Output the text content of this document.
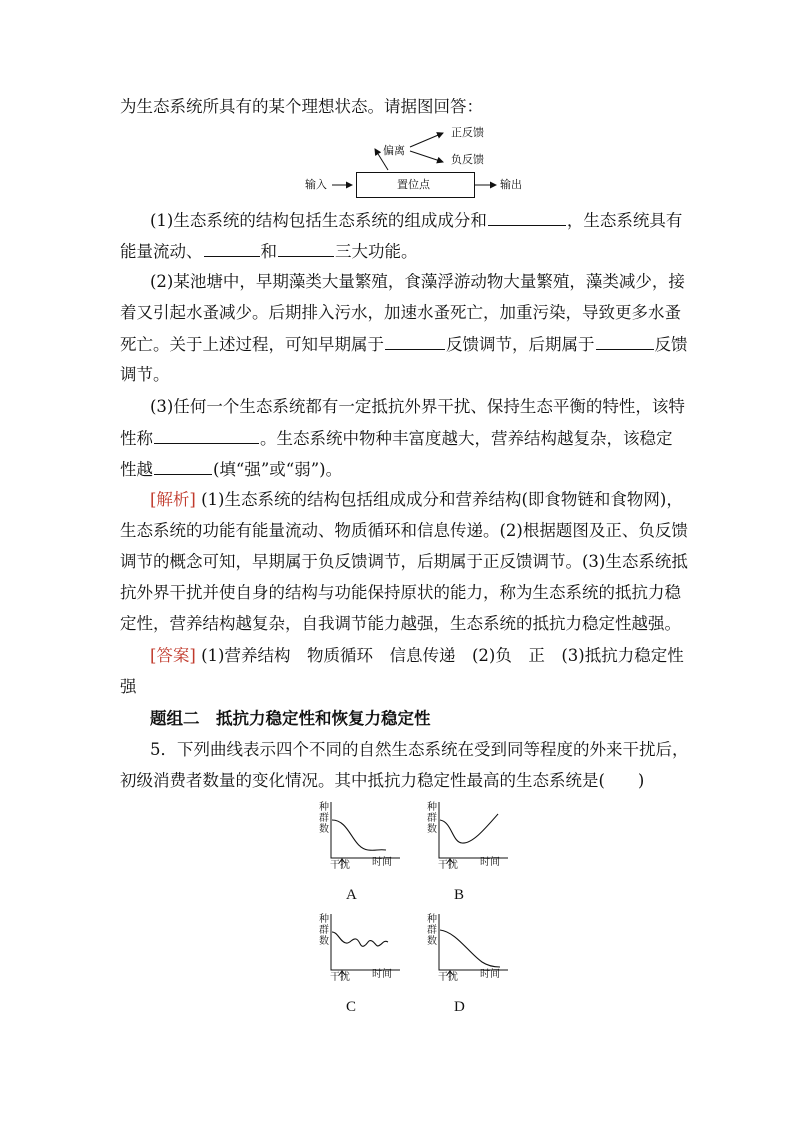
为生态系统所具有的某个理想状态。请据图回答：
置位点
输入	输出
偏离
正反馈
负反馈
(1)生态系统的结构包括生态系统的组成成分和	，生态系统具有
能量流动、	和	三大功能。
(2)某池塘中，早期藻类大量繁殖，食藻浮游动物大量繁殖，藻类减少，接
着又引起水蚤减少。后期排入污水，加速水蚤死亡，加重污染，导致更多水蚤
死亡。关于上述过程，可知早期属于	反馈调节，后期属于	反馈
调节。
(3)任何一个生态系统都有一定抵抗外界干扰、保持生态平衡的特性，该特
性称	。生态系统中物种丰富度越大，营养结构越复杂，该稳定
性越	(填“强”或“弱”)。
[解析] (1)生态系统的结构包括组成成分和营养结构(即食物链和食物网)，
生态系统的功能有能量流动、物质循环和信息传递。(2)根据题图及正、负反馈
调节的概念可知，早期属于负反馈调节，后期属于正反馈调节。(3)生态系统抵
抗外界干扰并使自身的结构与功能保持原状的能力，称为生态系统的抵抗力稳
定性，营养结构越复杂，自我调节能力越强，生态系统的抵抗力稳定性越强。
[答案] (1)营养结构　物质循环　信息传递　(2)负　正　(3)抵抗力稳定性
强
题组二　抵抗力稳定性和恢复力稳定性
5．下列曲线表示四个不同的自然生态系统在受到同等程度的外来干扰后，
初级消费者数量的变化情况。其中抵抗力稳定性最高的生态系统是(　　)
种
群
数
干扰 时间
A
种
群
数
干扰 时间
B
种
群
数
干扰 时间
C
种
群
数
干扰 时间
D
